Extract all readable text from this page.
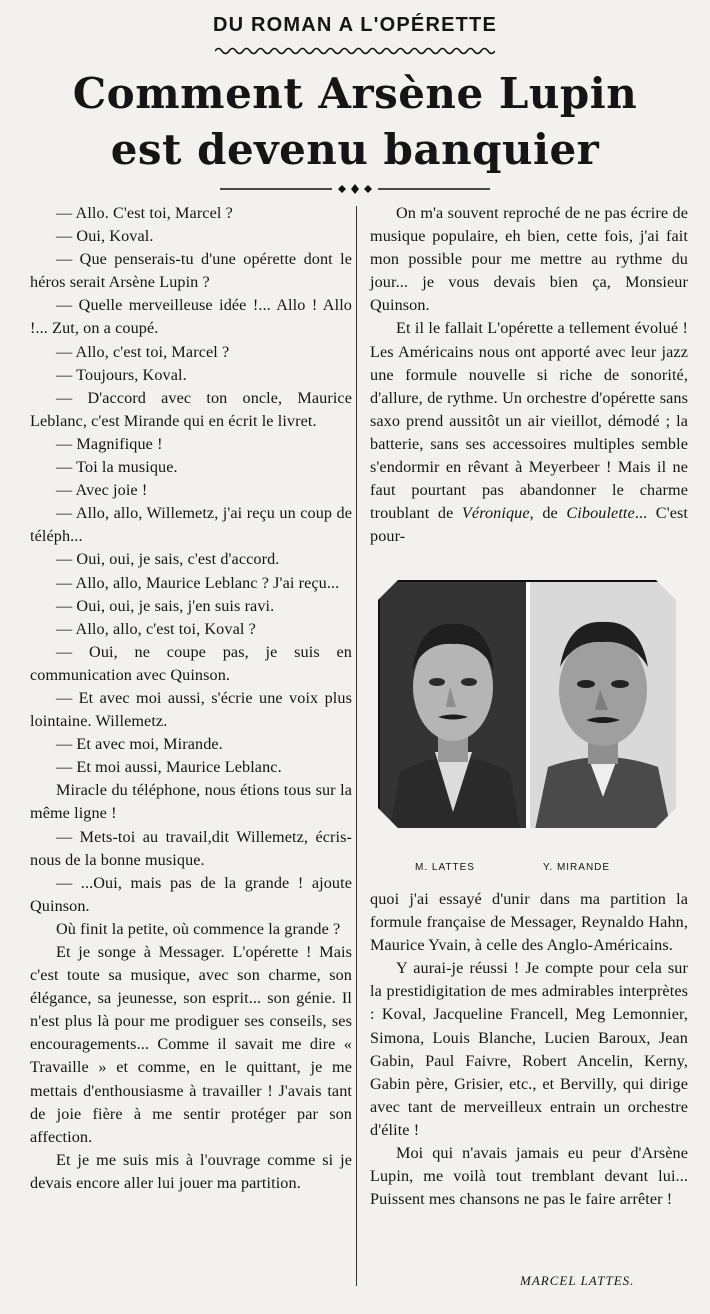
DU ROMAN A L'OPÉRETTE
Comment Arsène Lupin
est devenu banquier

— Allo. C'est toi, Marcel ?

— Oui, Koval.

— Que penserais-tu d'une opérette dont le héros serait Arsène Lupin ?

— Quelle merveilleuse idée !... Allo ! Allo !... Zut, on a coupé.

— Allo, c'est toi, Marcel ?

— Toujours, Koval.

— D'accord avec ton oncle, Maurice Leblanc, c'est Mirande qui en écrit le livret.

— Magnifique !

— Toi la musique.

— Avec joie !

— Allo, allo, Willemetz, j'ai reçu un coup de téléph...

— Oui, oui, je sais, c'est d'accord.

— Allo, allo, Maurice Leblanc ? J'ai reçu...

— Oui, oui, je sais, j'en suis ravi.

— Allo, allo, c'est toi, Koval ?

— Oui, ne coupe pas, je suis en communication avec Quinson.

— Et avec moi aussi, s'écrie une voix plus lointaine. Willemetz.

— Et avec moi, Mirande.

— Et moi aussi, Maurice Leblanc.

Miracle du téléphone, nous étions tous sur la même ligne !

— Mets-toi au travail,dit Willemetz, écris-nous de la bonne musique.

— ...Oui, mais pas de la grande ! ajoute Quinson.

Où finit la petite, où commence la grande ?

Et je songe à Messager. L'opérette ! Mais c'est toute sa musique, avec son charme, son élégance, sa jeunesse, son esprit... son génie. Il n'est plus là pour me prodiguer ses conseils, ses encouragements... Comme il savait me dire « Travaille » et comme, en le quittant, je me mettais d'enthousiasme à travailler ! J'avais tant de joie fière à me sentir protéger par son affection.

Et je me suis mis à l'ouvrage comme si je devais encore aller lui jouer ma partition.

On m'a souvent reproché de ne pas écrire de musique populaire, eh bien, cette fois, j'ai fait mon possible pour me mettre au rythme du jour... je vous devais bien ça, Monsieur Quinson.

Et il le fallait L'opérette a tellement évolué ! Les Américains nous ont apporté avec leur jazz une formule nouvelle si riche de sonorité, d'allure, de rythme. Un orchestre d'opérette sans saxo prend aussitôt un air vieillot, démodé ; la batterie, sans ses accessoires multiples semble s'endormir en rêvant à Meyerbeer ! Mais il ne faut pourtant pas abandonner le charme troublant de Véronique, de Ciboulette... C'est pour-

M. LATTES	Y. MIRANDE

quoi j'ai essayé d'unir dans ma partition la formule française de Messager, Reynaldo Hahn, Maurice Yvain, à celle des Anglo-Américains.

Y aurai-je réussi ! Je compte pour cela sur la prestidigitation de mes admirables interprètes : Koval, Jacqueline Francell, Meg Lemonnier, Simona, Louis Blanche, Lucien Baroux, Jean Gabin, Paul Faivre, Robert Ancelin, Kerny, Gabin père, Grisier, etc., et Bervilly, qui dirige avec tant de merveilleux entrain un orchestre d'élite !

Moi qui n'avais jamais eu peur d'Arsène Lupin, me voilà tout tremblant devant lui... Puissent mes chansons ne pas le faire arrêter !

MARCEL LATTES.
